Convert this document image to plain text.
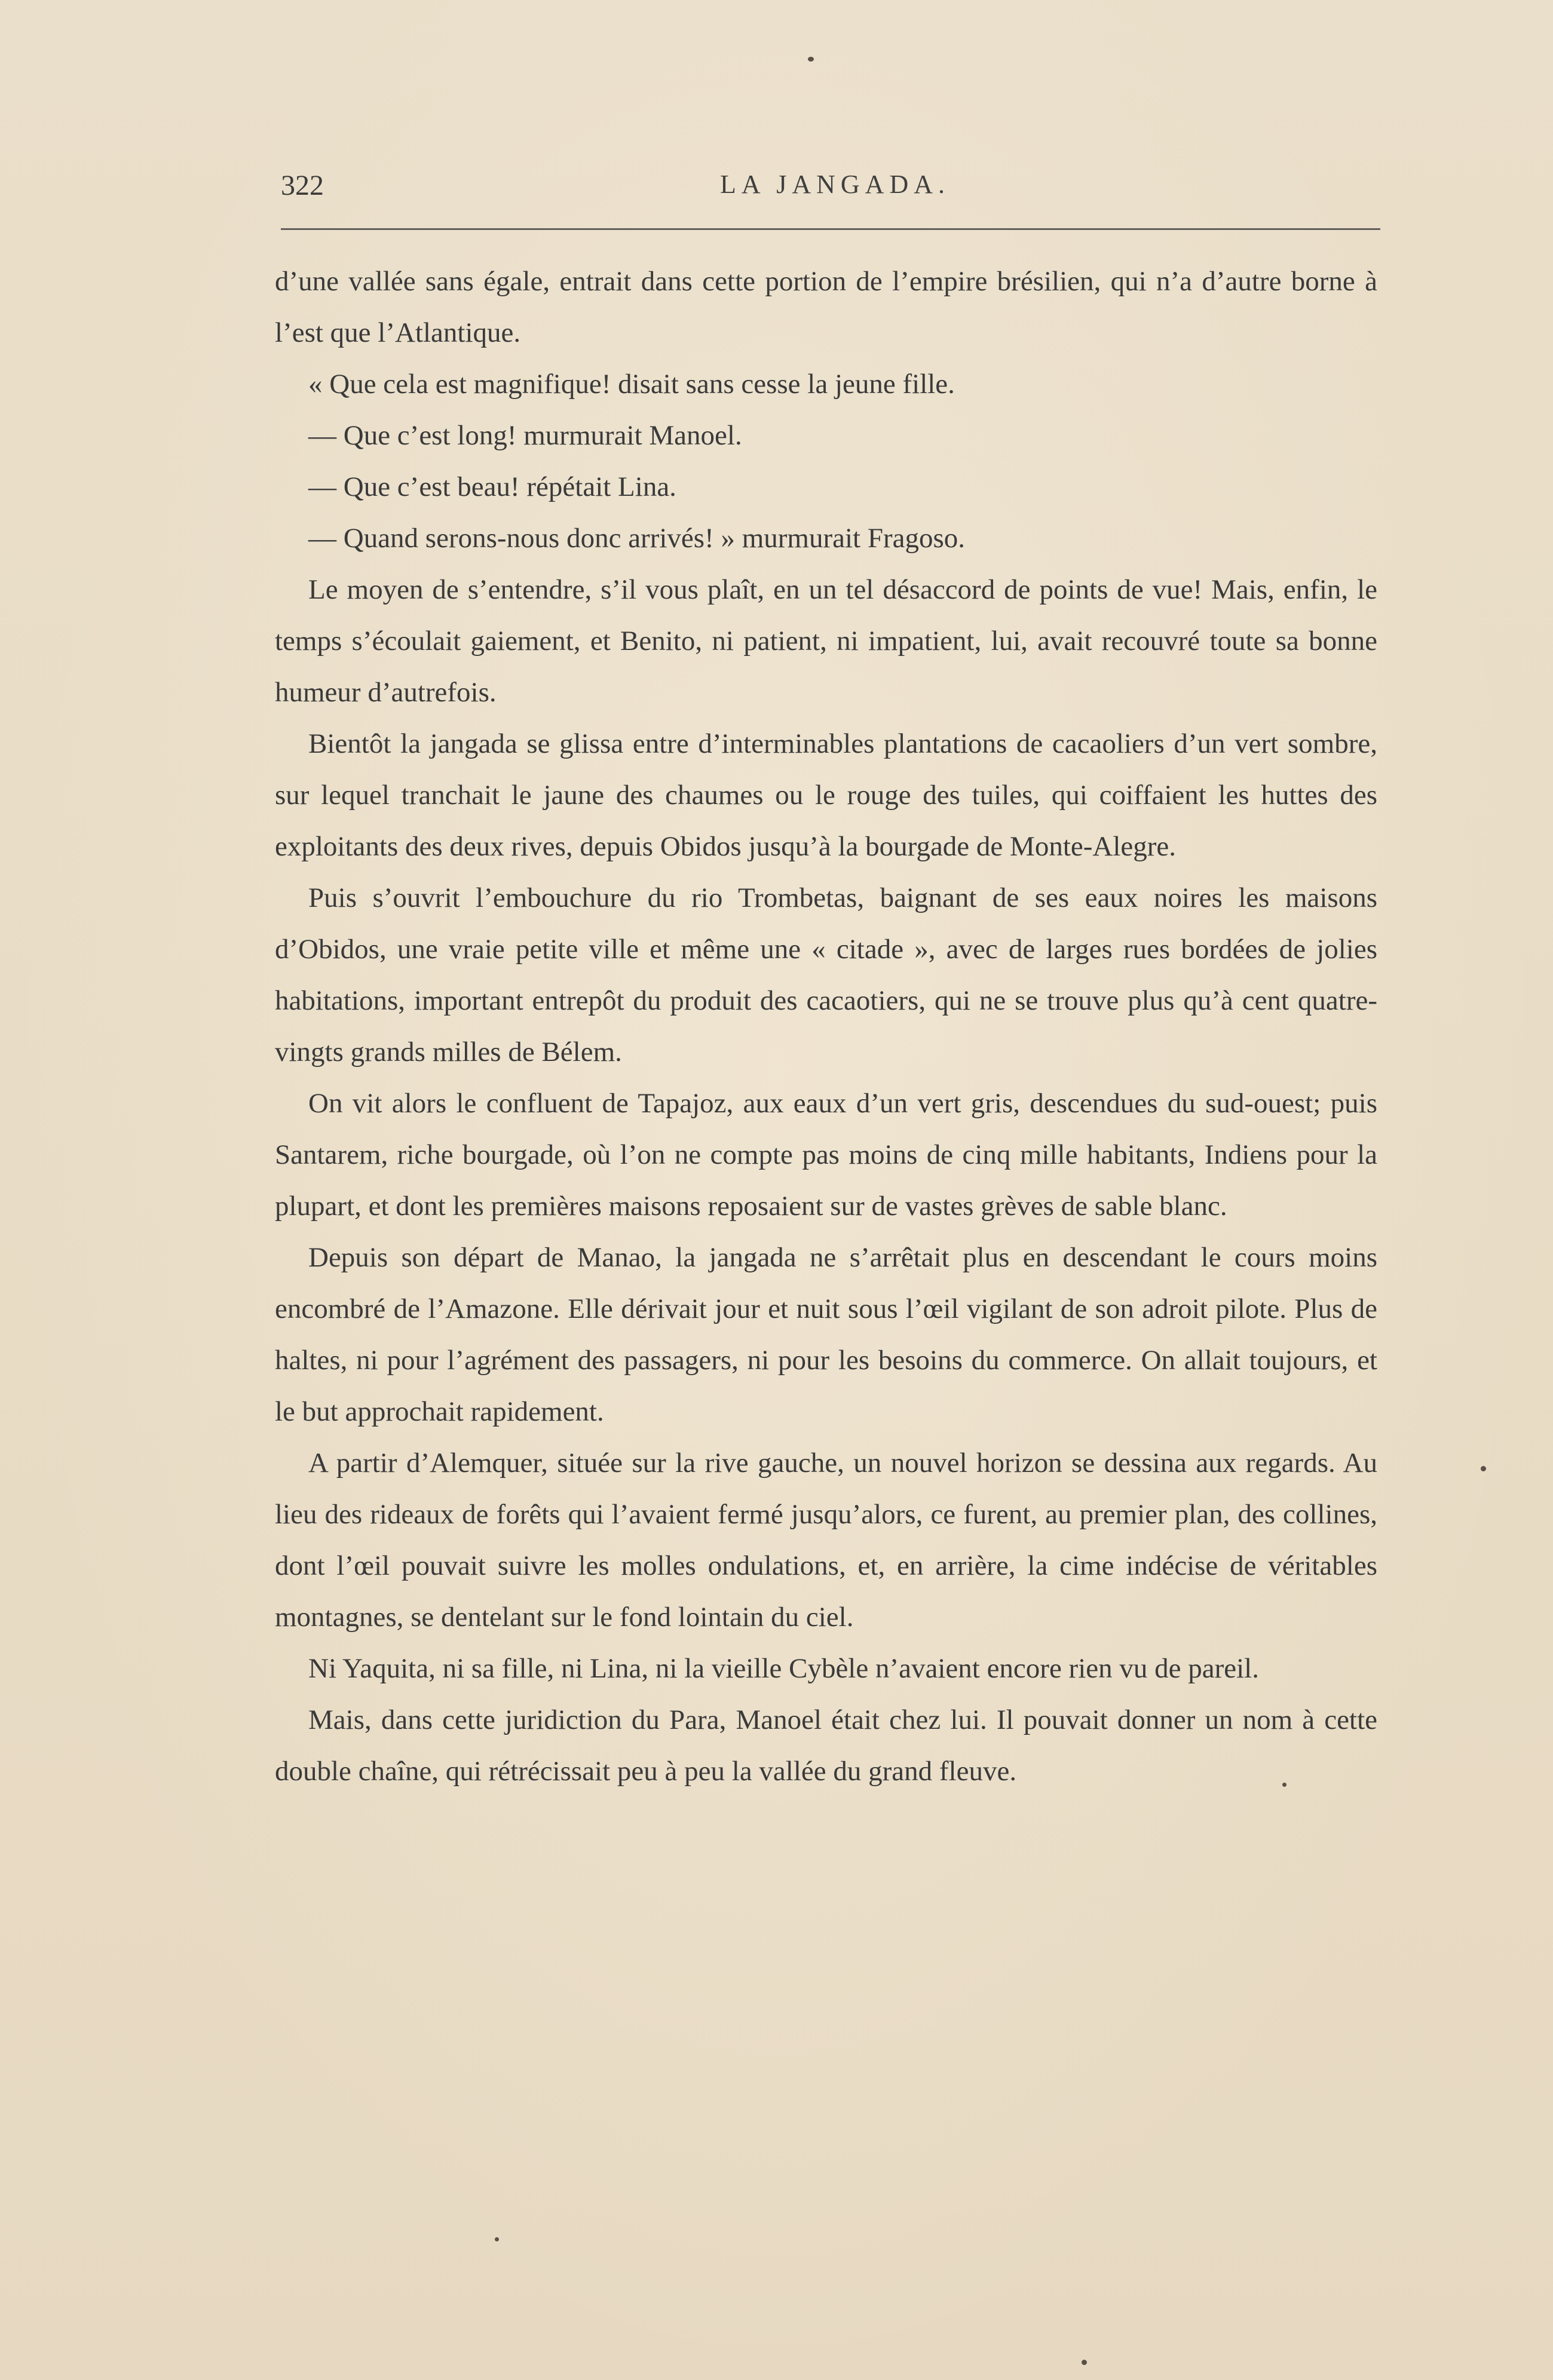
322	LA JANGADA.

d’une vallée sans égale, entrait dans cette portion de l’empire brésilien, qui n’a d’autre borne à l’est que l’Atlantique.

« Que cela est magnifique! disait sans cesse la jeune fille.

— Que c’est long! murmurait Manoel.

— Que c’est beau! répétait Lina.

— Quand serons-nous donc arrivés! » murmurait Fragoso.

Le moyen de s’entendre, s’il vous plaît, en un tel désaccord de points de vue! Mais, enfin, le temps s’écoulait gaiement, et Benito, ni patient, ni impatient, lui, avait recouvré toute sa bonne humeur d’autrefois.

Bientôt la jangada se glissa entre d’interminables plantations de cacaoliers d’un vert sombre, sur lequel tranchait le jaune des chaumes ou le rouge des tuiles, qui coiffaient les huttes des exploitants des deux rives, depuis Obidos jusqu’à la bourgade de Monte-Alegre.

Puis s’ouvrit l’embouchure du rio Trombetas, baignant de ses eaux noires les maisons d’Obidos, une vraie petite ville et même une « citade », avec de larges rues bordées de jolies habitations, important entrepôt du produit des cacaotiers, qui ne se trouve plus qu’à cent quatre-vingts grands milles de Bélem.

On vit alors le confluent de Tapajoz, aux eaux d’un vert gris, descendues du sud-ouest; puis Santarem, riche bourgade, où l’on ne compte pas moins de cinq mille habitants, Indiens pour la plupart, et dont les premières maisons reposaient sur de vastes grèves de sable blanc.

Depuis son départ de Manao, la jangada ne s’arrêtait plus en descendant le cours moins encombré de l’Amazone. Elle dérivait jour et nuit sous l’œil vigilant de son adroit pilote. Plus de haltes, ni pour l’agrément des passagers, ni pour les besoins du commerce. On allait toujours, et le but approchait rapidement.

A partir d’Alemquer, située sur la rive gauche, un nouvel horizon se dessina aux regards. Au lieu des rideaux de forêts qui l’avaient fermé jusqu’alors, ce furent, au premier plan, des collines, dont l’œil pouvait suivre les molles ondulations, et, en arrière, la cime indécise de véritables montagnes, se dentelant sur le fond lointain du ciel.

Ni Yaquita, ni sa fille, ni Lina, ni la vieille Cybèle n’avaient encore rien vu de pareil.

Mais, dans cette juridiction du Para, Manoel était chez lui. Il pouvait donner un nom à cette double chaîne, qui rétrécissait peu à peu la vallée du grand fleuve.
